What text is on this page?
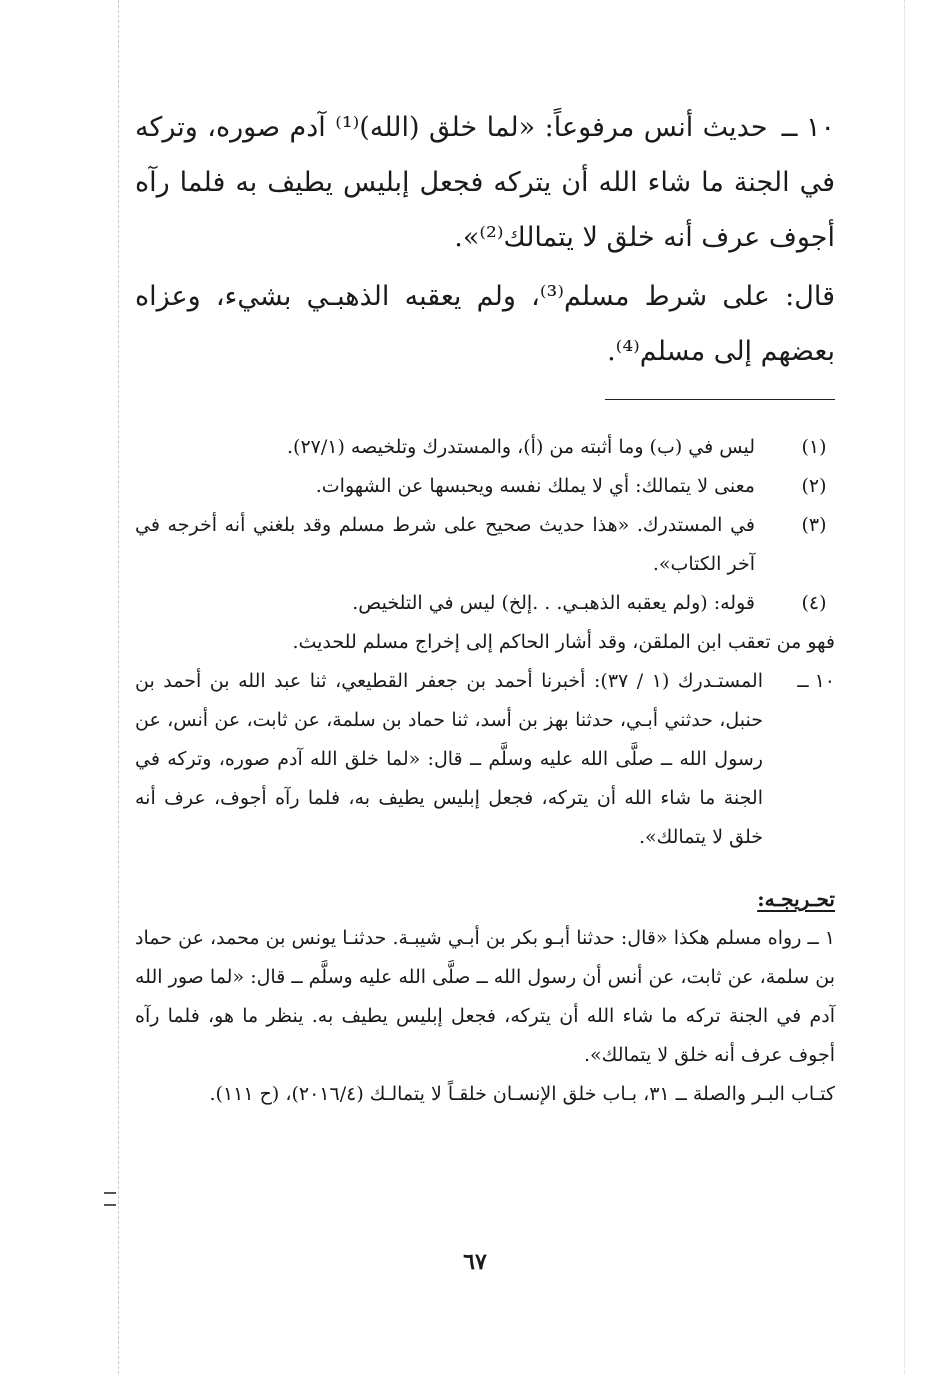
١٠ ــحديث أنس مرفوعاً: «لما خلق (الله)⁽¹⁾ آدم صوره، وتركه في الجنة ما شاء الله أن يتركه فجعل إبليس يطيف به فلما رآه أجوف عرف أنه خلق لا يتمالك⁽²⁾».

قال: على شرط مسلم⁽³⁾، ولم يعقبه الذهبـي بشيء، وعزاه بعضهم إلى مسلم⁽⁴⁾.

(١)
ليس في (ب) وما أثبته من (أ)، والمستدرك وتلخيصه (٢٧/١).

(٢)
معنى لا يتمالك: أي لا يملك نفسه ويحبسها عن الشهوات.

(٣)
في المستدرك. «هذا حديث صحيح على شرط مسلم وقد بلغني أنه أخرجه في آخر الكتاب».

(٤)
قوله: (ولم يعقبه الذهبـي. . .إلخ) ليس في التلخيص.

فهو من تعقب ابن الملقن، وقد أشار الحاكم إلى إخراج مسلم للحديث.

١٠ ــ
المستـدرك (١ / ٣٧): أخبرنا أحمد بن جعفر القطيعي، ثنا عبد الله بن أحمد بن حنبل، حدثني أبـي، حدثنا بهز بن أسد، ثنا حماد بن سلمة، عن ثابت، عن أنس، عن رسول الله ــ صلَّى الله عليه وسلَّم ــ قال: «لما خلق الله آدم صوره، وتركه في الجنة ما شاء الله أن يتركه، فجعل إبليس يطيف به، فلما رآه أجوف، عرف أنه خلق لا يتمالك».

تحـريجـه:

١ ــ رواه مسلم هكذا «قال: حدثنا أبـو بكر بن أبـي شيبـة. حدثنـا يونس بن محمد، عن حماد بن سلمة، عن ثابت، عن أنس أن رسول الله ــ صلَّى الله عليه وسلَّم ــ قال: «لما صور الله آدم في الجنة تركه ما شاء الله أن يتركه، فجعل إبليس يطيف به. ينظر ما هو، فلما رآه أجوف عرف أنه خلق لا يتمالك».

كتـاب البـر والصلة ــ ٣١، بـاب خلق الإنسـان خلقـاً لا يتمالـك (٢٠١٦/٤)، (ح ١١١).

٦٧
